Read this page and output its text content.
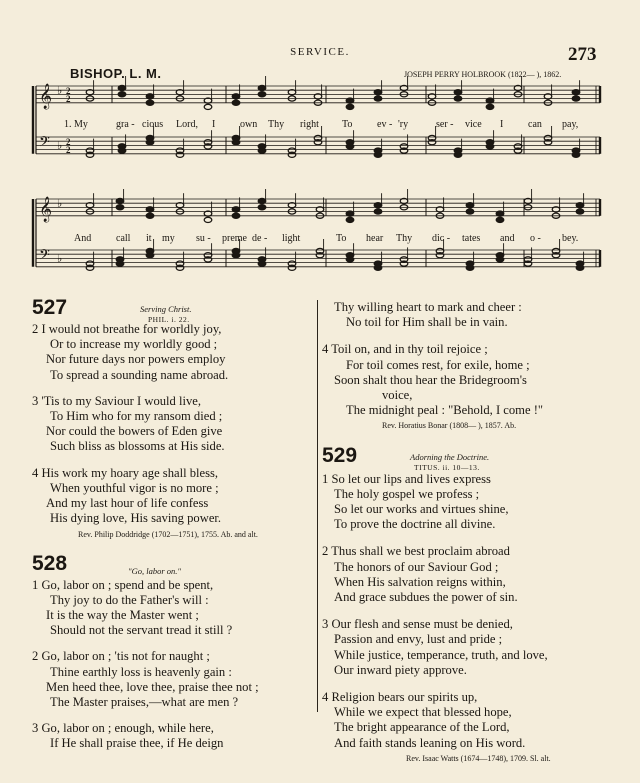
SERVICE.	273
BISHOP. L. M.	JOSEPH PERRY HOLBROOK (1822— ), 1862.
𝄞
𝄢
♭
♭
2
2
2
2
𝄞
𝄢
♭
♭
1. My	gra - cious Lord, I own Thy right To ev - 'ry	ser - vice I can pay,
And call it my su - preme de - light	To hear Thy dic - tates and o - bey.
527	Serving Christ.
PHIL. i. 22.
2 I would not breathe for worldly joy,
Or to increase my worldly good ;
Nor future days nor powers employ
To spread a sounding name abroad.
3 'Tis to my Saviour I would live,
To Him who for my ransom died ;
Nor could the bowers of Eden give
Such bliss as blossoms at His side.
4 His work my hoary age shall bless,
When youthful vigor is no more ;
And my last hour of life confess
His dying love, His saving power.
Rev. Philip Doddridge (1702—1751), 1755. Ab. and alt.
528	"Go, labor on."
1 Go, labor on ; spend and be spent,
Thy joy to do the Father's will :
It is the way the Master went ;
Should not the servant tread it still ?
2 Go, labor on ; 'tis not for naught ;
Thine earthly loss is heavenly gain :
Men heed thee, love thee, praise thee not ;
The Master praises,—what are men ?
3 Go, labor on ; enough, while here,
If He shall praise thee, if He deign
Thy willing heart to mark and cheer :
No toil for Him shall be in vain.
4 Toil on, and in thy toil rejoice ;
For toil comes rest, for exile, home ;
Soon shalt thou hear the Bridegroom's
voice,
The midnight peal : "Behold, I come !"
Rev. Horatius Bonar (1808— ), 1857. Ab.
529	Adorning the Doctrine.
TITUS. ii. 10—13.
1 So let our lips and lives express
The holy gospel we profess ;
So let our works and virtues shine,
To prove the doctrine all divine.
2 Thus shall we best proclaim abroad
The honors of our Saviour God ;
When His salvation reigns within,
And grace subdues the power of sin.
3 Our flesh and sense must be denied,
Passion and envy, lust and pride ;
While justice, temperance, truth, and love,
Our inward piety approve.
4 Religion bears our spirits up,
While we expect that blessed hope,
The bright appearance of the Lord,
And faith stands leaning on His word.
Rev. Isaac Watts (1674—1748), 1709. Sl. alt.
